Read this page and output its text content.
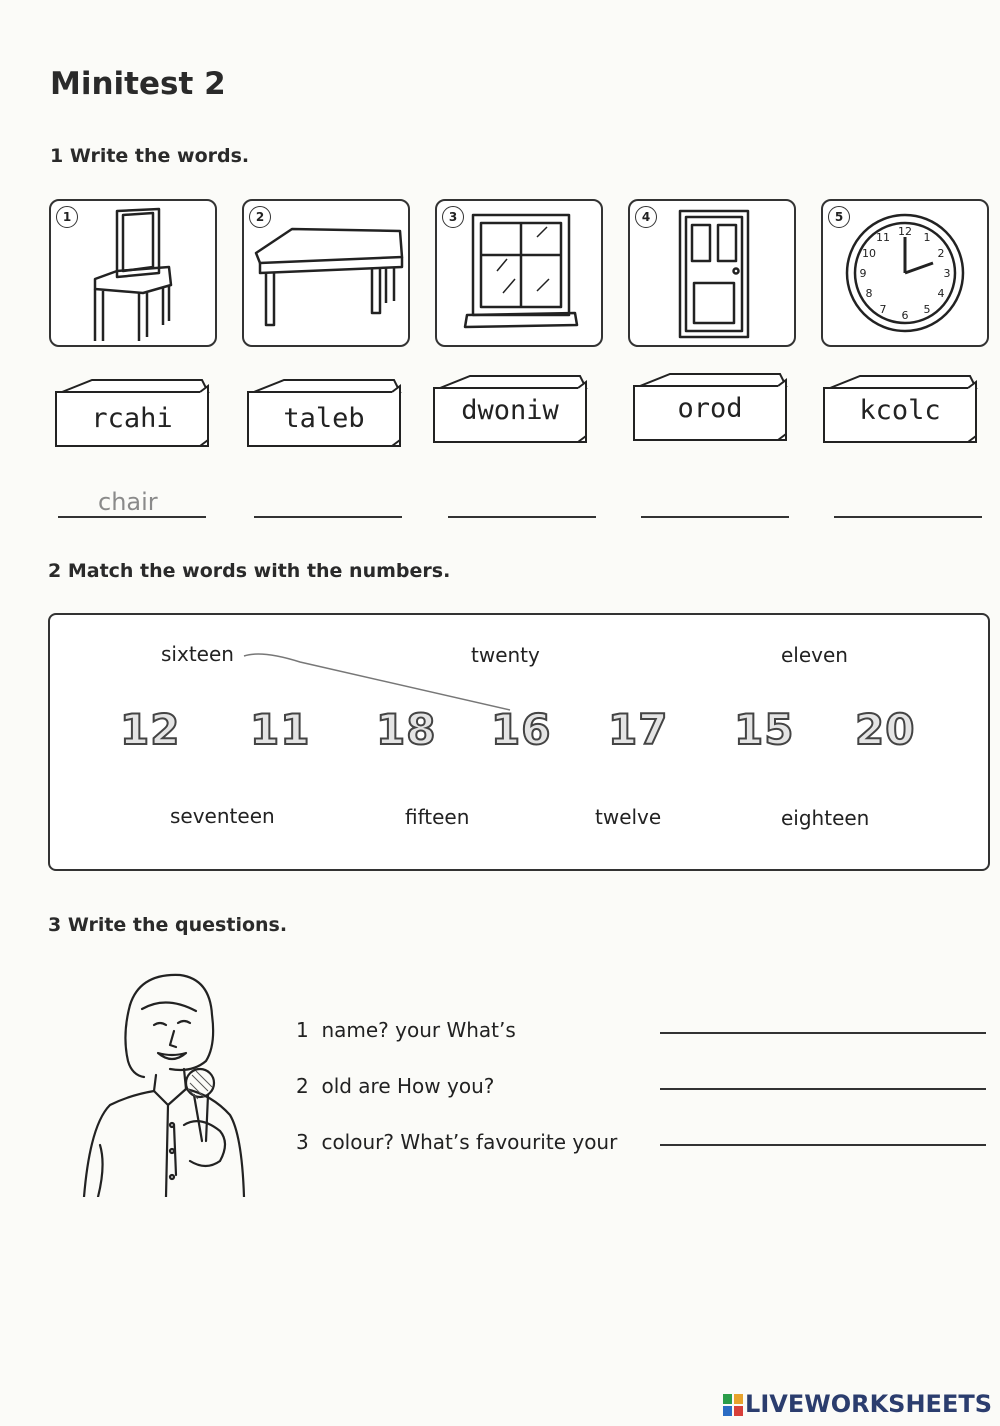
Minitest 2
1 Write the words.
1	2	3	4	5
12 1
2
3
4
5
6
7
8
9
10
11
rcahi	taleb	dwoniw	orod	kcolc
chair
2 Match the words with the numbers.
sixteen	twenty	eleven
12 11 18 16 17 15 20
seventeen	fifteen	twelve	eighteen
3 Write the questions.
1 name? your What’s
2 old are How you?
3 colour? What’s favourite your
LIVEWORKSHEETS
